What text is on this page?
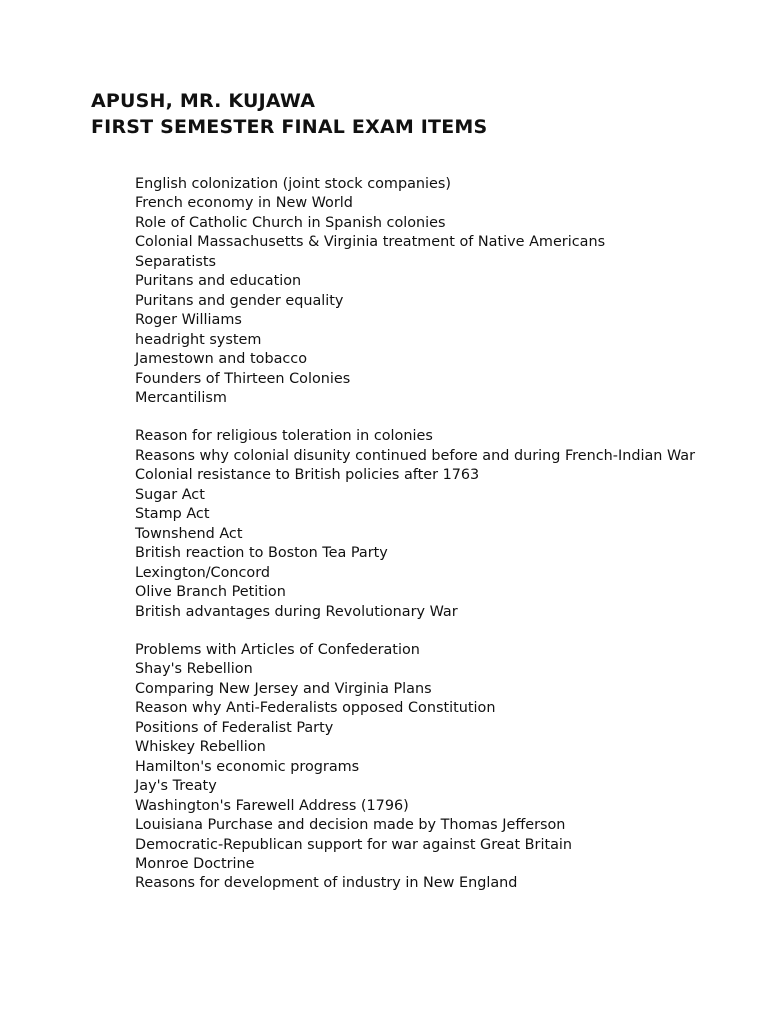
APUSH, MR. KUJAWA
FIRST SEMESTER FINAL EXAM ITEMS
English colonization (joint stock companies)
French economy in New World
Role of Catholic Church in Spanish colonies
Colonial Massachusetts & Virginia treatment of Native Americans
Separatists
Puritans and education
Puritans and gender equality
Roger Williams
headright system
Jamestown and tobacco
Founders of Thirteen Colonies
Mercantilism
Reason for religious toleration in colonies
Reasons why colonial disunity continued before and during French-Indian War
Colonial resistance to British policies after 1763
Sugar Act
Stamp Act
Townshend Act
British reaction to Boston Tea Party
Lexington/Concord
Olive Branch Petition
British advantages during Revolutionary War
Problems with Articles of Confederation
Shay's Rebellion
Comparing New Jersey and Virginia Plans
Reason why Anti-Federalists opposed Constitution
Positions of Federalist Party
Whiskey Rebellion
Hamilton's economic programs
Jay's Treaty
Washington's Farewell Address (1796)
Louisiana Purchase and decision made by Thomas Jefferson
Democratic-Republican support for war against Great Britain
Monroe Doctrine
Reasons for development of industry in New England
